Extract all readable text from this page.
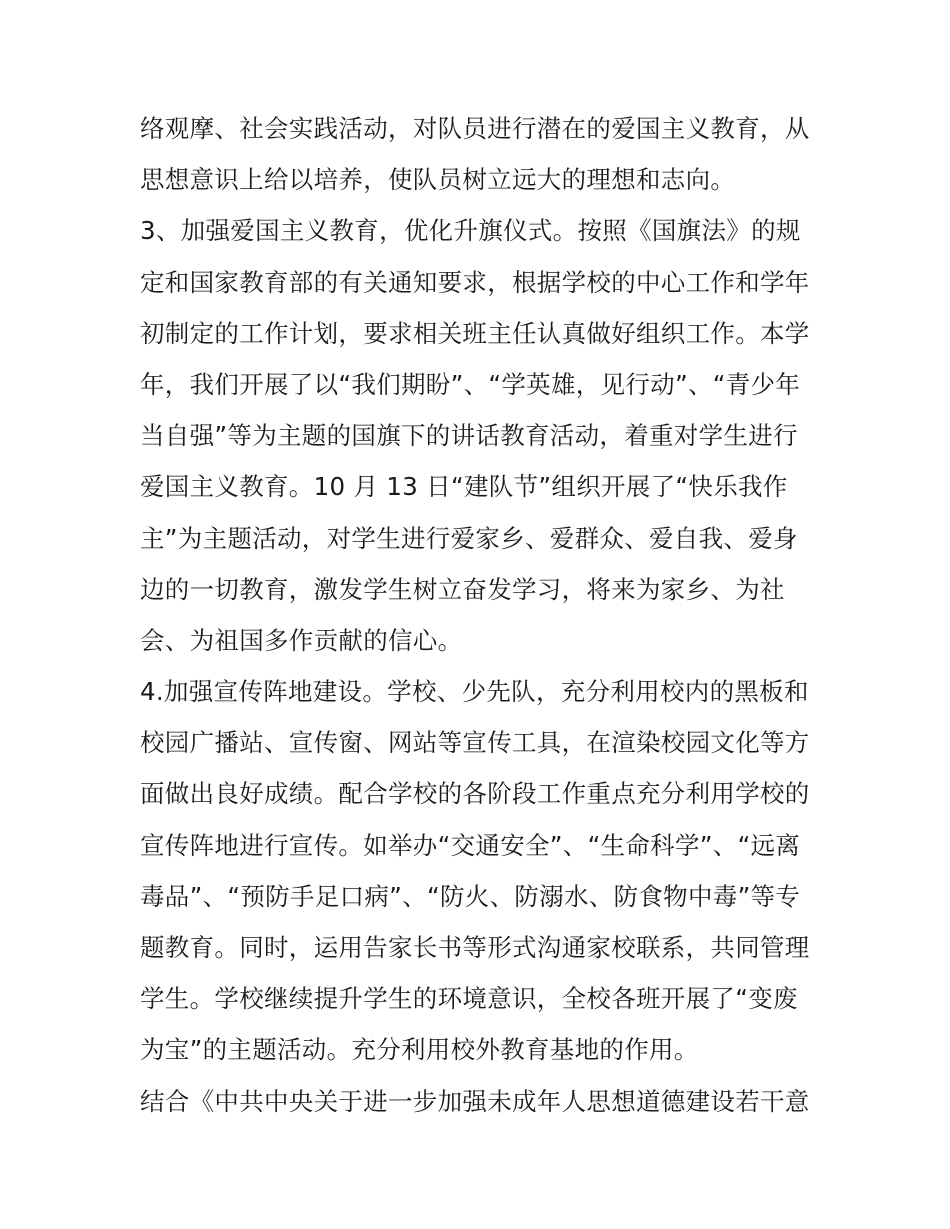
络观摩、社会实践活动，对队员进行潜在的爱国主义教育，从
思想意识上给以培养，使队员树立远大的理想和志向。
3、加强爱国主义教育，优化升旗仪式。按照《国旗法》的规
定和国家教育部的有关通知要求，根据学校的中心工作和学年
初制定的工作计划，要求相关班主任认真做好组织工作。本学
年，我们开展了以“我们期盼”、“学英雄，见行动”、“青少年
当自强”等为主题的国旗下的讲话教育活动，着重对学生进行
爱国主义教育。10 月 13 日“建队节”组织开展了“快乐我作
主”为主题活动，对学生进行爱家乡、爱群众、爱自我、爱身
边的一切教育，激发学生树立奋发学习，将来为家乡、为社
会、为祖国多作贡献的信心。
4.加强宣传阵地建设。学校、少先队，充分利用校内的黑板和
校园广播站、宣传窗、网站等宣传工具，在渲染校园文化等方
面做出良好成绩。配合学校的各阶段工作重点充分利用学校的
宣传阵地进行宣传。如举办“交通安全”、“生命科学”、“远离
毒品”、“预防手足口病”、“防火、防溺水、防食物中毒”等专
题教育。同时，运用告家长书等形式沟通家校联系，共同管理
学生。学校继续提升学生的环境意识，全校各班开展了“变废
为宝”的主题活动。充分利用校外教育基地的作用。
结合《中共中央关于进一步加强未成年人思想道德建设若干意
